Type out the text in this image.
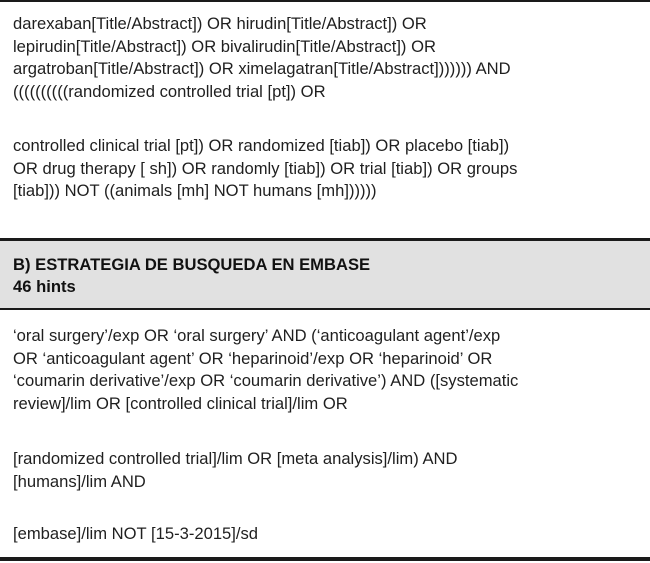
darexaban[Title/Abstract]) OR hirudin[Title/Abstract]) OR
lepirudin[Title/Abstract]) OR bivalirudin[Title/Abstract]) OR
argatroban[Title/Abstract]) OR ximelagatran[Title/Abstract])))))) AND
((((((((((randomized controlled trial [pt]) OR
controlled clinical trial [pt]) OR randomized [tiab]) OR placebo [tiab])
OR drug therapy [ sh]) OR randomly [tiab]) OR trial [tiab]) OR groups
[tiab])) NOT ((animals [mh] NOT humans [mh])))))
B) ESTRATEGIA DE BUSQUEDA EN EMBASE
46 hints
‘oral surgery’/exp OR ‘oral surgery’ AND (‘anticoagulant agent’/exp
OR ‘anticoagulant agent’ OR ‘heparinoid’/exp OR ‘heparinoid’ OR
‘coumarin derivative’/exp OR ‘coumarin derivative’) AND ([systematic
review]/lim OR [controlled clinical trial]/lim OR
[randomized controlled trial]/lim OR [meta analysis]/lim) AND
[humans]/lim AND
[embase]/lim NOT [15-3-2015]/sd
